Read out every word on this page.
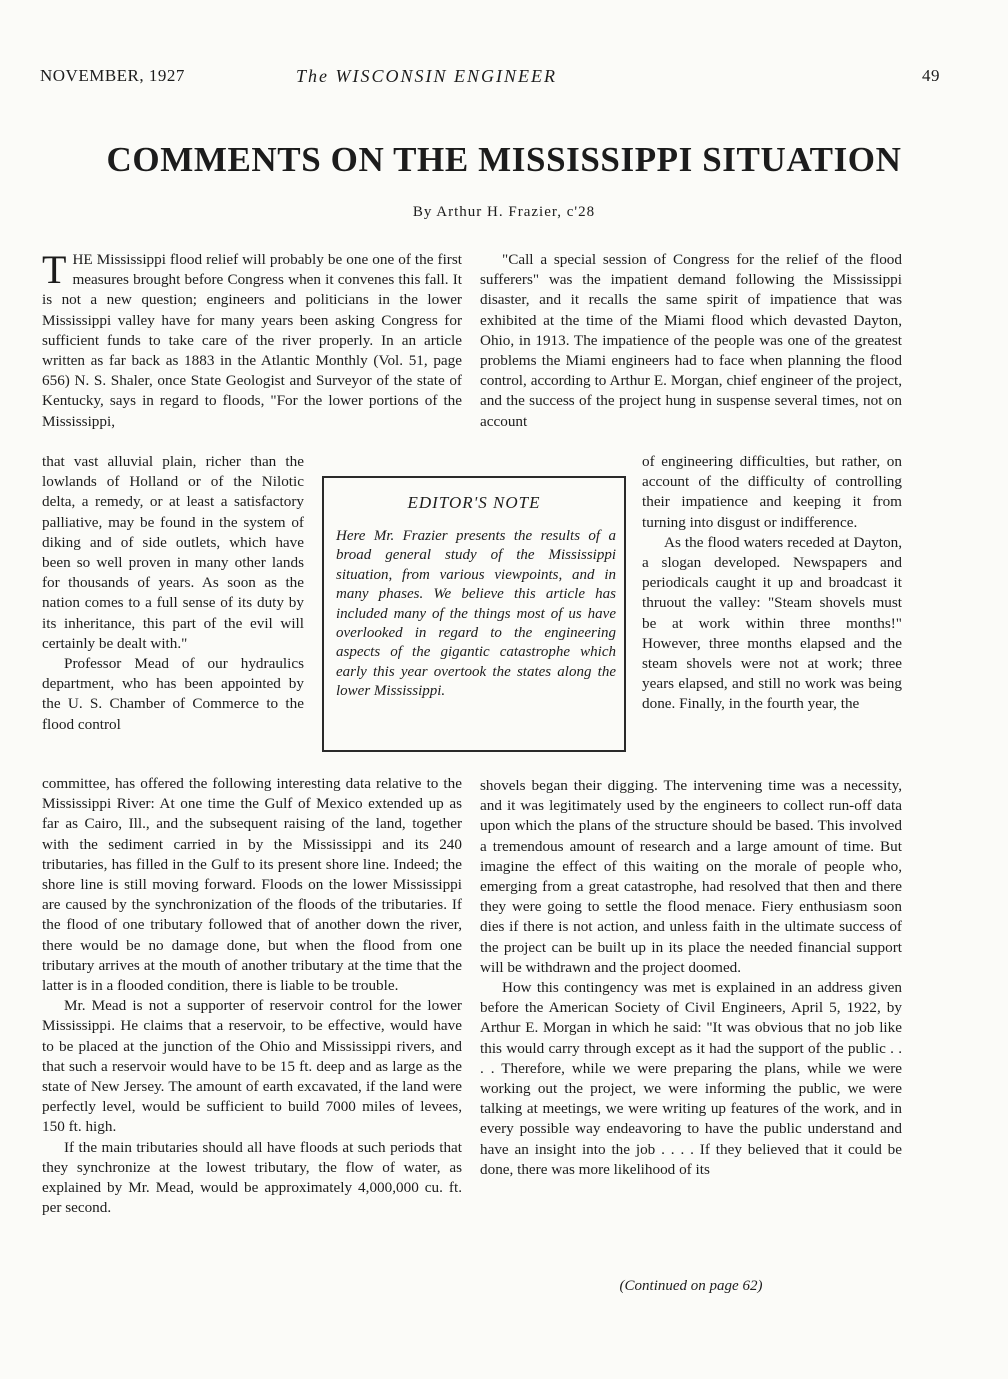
NOVEMBER, 1927	The WISCONSIN ENGINEER	49
COMMENTS ON THE MISSISSIPPI SITUATION
By Arthur H. Frazier, c'28
T HE Mississippi flood relief will probably be one one of the first measures brought before Congress when it convenes this fall. It is not a new question; engineers and politicians in the lower Mississippi valley have for many years been asking Congress for sufficient funds to take care of the river properly. In an article written as far back as 1883 in the Atlantic Monthly (Vol. 51, page 656) N. S. Shaler, once State Geologist and Surveyor of the state of Kentucky, says in regard to floods, "For the lower portions of the Mississippi,

that vast alluvial plain, richer than the lowlands of Holland or of the Nilotic delta, a remedy, or at least a satisfactory palliative, may be found in the system of diking and of side outlets, which have been so well proven in many other lands for thousands of years. As soon as the nation comes to a full sense of its duty by its inheritance, this part of the evil will certainly be dealt with."

Professor Mead of our hydraulics department, who has been appointed by the U. S. Chamber of Commerce to the flood control

committee, has offered the following interesting data relative to the Mississippi River: At one time the Gulf of Mexico extended up as far as Cairo, Ill., and the subsequent raising of the land, together with the sediment carried in by the Mississippi and its 240 tributaries, has filled in the Gulf to its present shore line. Indeed; the shore line is still moving forward. Floods on the lower Mississippi are caused by the synchronization of the floods of the tributaries. If the flood of one tributary followed that of another down the river, there would be no damage done, but when the flood from one tributary arrives at the mouth of another tributary at the time that the latter is in a flooded condition, there is liable to be trouble.

Mr. Mead is not a supporter of reservoir control for the lower Mississippi. He claims that a reservoir, to be effective, would have to be placed at the junction of the Ohio and Mississippi rivers, and that such a reservoir would have to be 15 ft. deep and as large as the state of New Jersey. The amount of earth excavated, if the land were perfectly level, would be sufficient to build 7000 miles of levees, 150 ft. high.

If the main tributaries should all have floods at such periods that they synchronize at the lowest tributary, the flow of water, as explained by Mr. Mead, would be approximately 4,000,000 cu. ft. per second.

EDITOR'S NOTE
Here Mr. Frazier presents the results of a broad general study of the Mississippi situation, from various viewpoints, and in many phases. We believe this article has included many of the things most of us have overlooked in regard to the engineering aspects of the gigantic catastrophe which early this year overtook the states along the lower Mississippi.

"Call a special session of Congress for the relief of the flood sufferers" was the impatient demand following the Mississippi disaster, and it recalls the same spirit of impatience that was exhibited at the time of the Miami flood which devasted Dayton, Ohio, in 1913. The impatience of the people was one of the greatest problems the Miami engineers had to face when planning the flood control, according to Arthur E. Morgan, chief engineer of the project, and the success of the project hung in suspense several times, not on account

of engineering difficulties, but rather, on account of the difficulty of controlling their impatience and keeping it from turning into disgust or indifference.

As the flood waters receded at Dayton, a slogan developed. Newspapers and periodicals caught it up and broadcast it thruout the valley: "Steam shovels must be at work within three months!" However, three months elapsed and the steam shovels were not at work; three years elapsed, and still no work was being done. Finally, in the fourth year, the

shovels began their digging. The intervening time was a necessity, and it was legitimately used by the engineers to collect run-off data upon which the plans of the structure should be based. This involved a tremendous amount of research and a large amount of time. But imagine the effect of this waiting on the morale of people who, emerging from a great catastrophe, had resolved that then and there they were going to settle the flood menace. Fiery enthusiasm soon dies if there is not action, and unless faith in the ultimate success of the project can be built up in its place the needed financial support will be withdrawn and the project doomed.

How this contingency was met is explained in an address given before the American Society of Civil Engineers, April 5, 1922, by Arthur E. Morgan in which he said: "It was obvious that no job like this would carry through except as it had the support of the public . . . . Therefore, while we were preparing the plans, while we were working out the project, we were informing the public, we were talking at meetings, we were writing up features of the work, and in every possible way endeavoring to have the public understand and have an insight into the job . . . . If they believed that it could be done, there was more likelihood of its

(Continued on page 62)
